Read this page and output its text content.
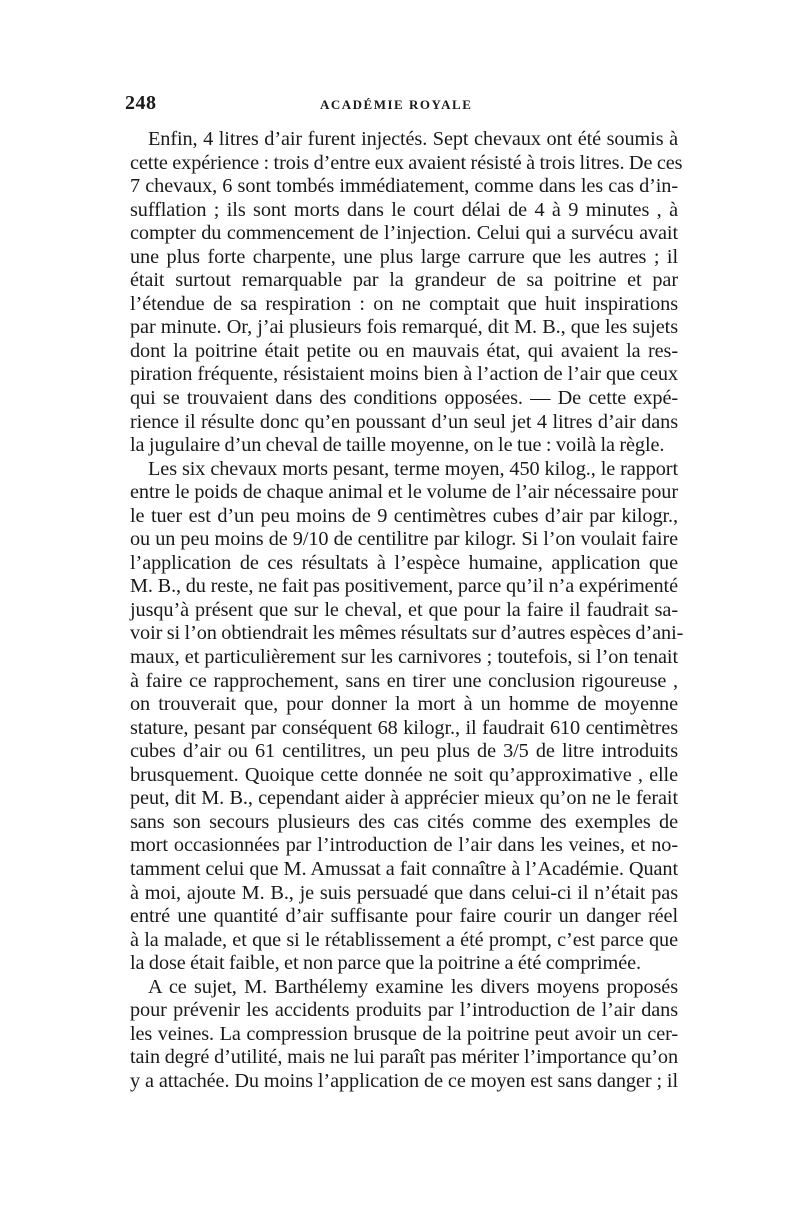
248	ACADÉMIE ROYALE
Enfin, 4 litres d’air furent injectés. Sept chevaux ont été soumis à
cette expérience : trois d’entre eux avaient résisté à trois litres. De ces
7 chevaux, 6 sont tombés immédiatement, comme dans les cas d’in-
sufflation ; ils sont morts dans le court délai de 4 à 9 minutes , à
compter du commencement de l’injection. Celui qui a survécu avait
une plus forte charpente, une plus large carrure que les autres ; il
était surtout remarquable par la grandeur de sa poitrine et par
l’étendue de sa respiration : on ne comptait que huit inspirations
par minute. Or, j’ai plusieurs fois remarqué, dit M. B., que les sujets
dont la poitrine était petite ou en mauvais état, qui avaient la res-
piration fréquente, résistaient moins bien à l’action de l’air que ceux
qui se trouvaient dans des conditions opposées. — De cette expé-
rience il résulte donc qu’en poussant d’un seul jet 4 litres d’air dans
la jugulaire d’un cheval de taille moyenne, on le tue : voilà la règle.
Les six chevaux morts pesant, terme moyen, 450 kilog., le rapport
entre le poids de chaque animal et le volume de l’air nécessaire pour
le tuer est d’un peu moins de 9 centimètres cubes d’air par kilogr.,
ou un peu moins de 9/10 de centilitre par kilogr. Si l’on voulait faire
l’application de ces résultats à l’espèce humaine, application que
M. B., du reste, ne fait pas positivement, parce qu’il n’a expérimenté
jusqu’à présent que sur le cheval, et que pour la faire il faudrait sa-
voir si l’on obtiendrait les mêmes résultats sur d’autres espèces d’ani-
maux, et particulièrement sur les carnivores ; toutefois, si l’on tenait
à faire ce rapprochement, sans en tirer une conclusion rigoureuse ,
on trouverait que, pour donner la mort à un homme de moyenne
stature, pesant par conséquent 68 kilogr., il faudrait 610 centimètres
cubes d’air ou 61 centilitres, un peu plus de 3/5 de litre introduits
brusquement. Quoique cette donnée ne soit qu’approximative , elle
peut, dit M. B., cependant aider à apprécier mieux qu’on ne le ferait
sans son secours plusieurs des cas cités comme des exemples de
mort occasionnées par l’introduction de l’air dans les veines, et no-
tamment celui que M. Amussat a fait connaître à l’Académie. Quant
à moi, ajoute M. B., je suis persuadé que dans celui-ci il n’était pas
entré une quantité d’air suffisante pour faire courir un danger réel
à la malade, et que si le rétablissement a été prompt, c’est parce que
la dose était faible, et non parce que la poitrine a été comprimée.
A ce sujet, M. Barthélemy examine les divers moyens proposés
pour prévenir les accidents produits par l’introduction de l’air dans
les veines. La compression brusque de la poitrine peut avoir un cer-
tain degré d’utilité, mais ne lui paraît pas mériter l’importance qu’on
y a attachée. Du moins l’application de ce moyen est sans danger ; il
